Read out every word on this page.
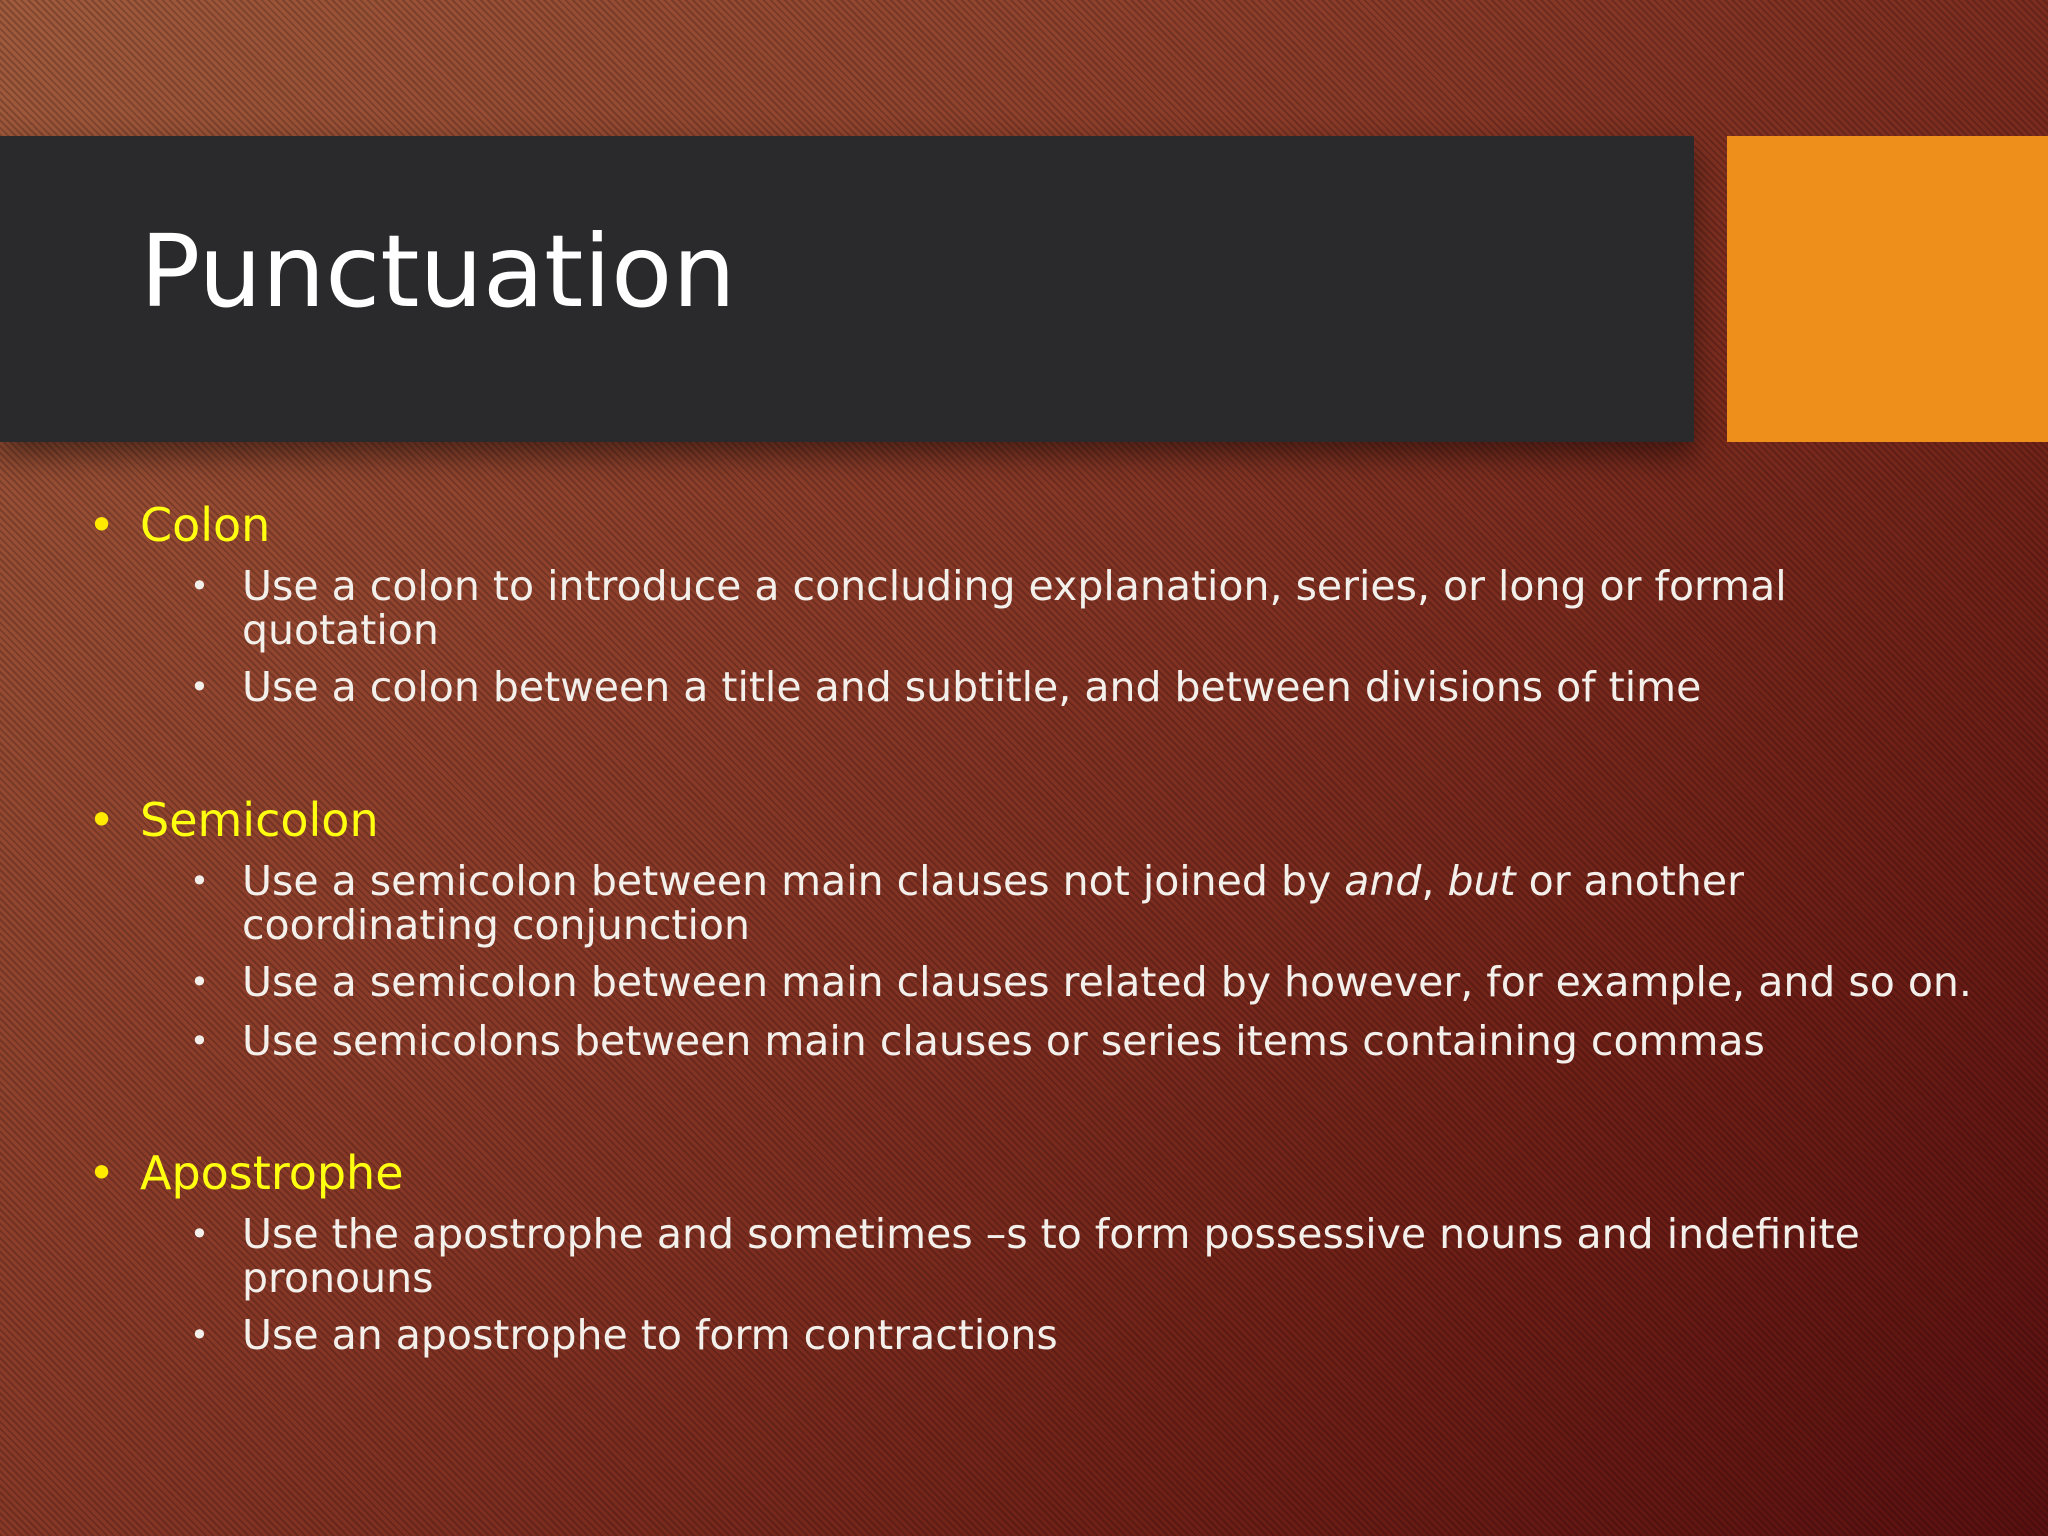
Punctuation
• Colon
• Use a colon to introduce a concluding explanation, series, or long or formal quotation
• Use a colon between a title and subtitle, and between divisions of time
• Semicolon
• Use a semicolon between main clauses not joined by and, but or another coordinating conjunction
• Use a semicolon between main clauses related by however, for example, and so on.
• Use semicolons between main clauses or series items containing commas
• Apostrophe
• Use the apostrophe and sometimes –s to form possessive nouns and indefinite pronouns
• Use an apostrophe to form contractions
